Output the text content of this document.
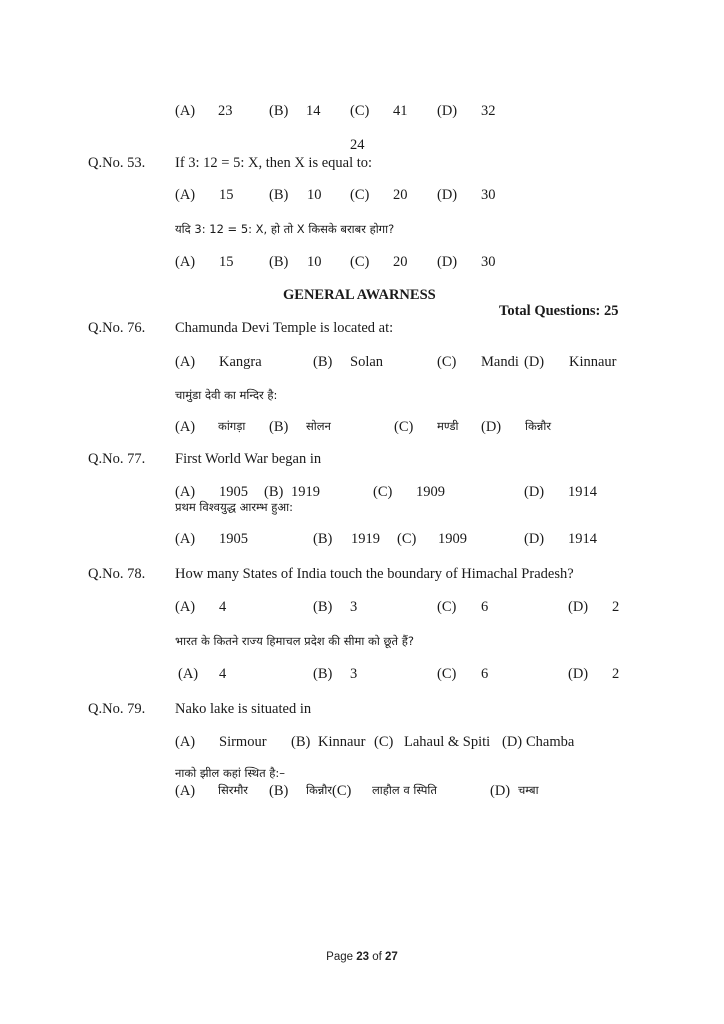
(A) 23	(B) 14 (C) 41 (D) 32
24
Q.No. 53. If 3: 12 = 5: X, then X is equal to:
(A) 15 (B) 10 (C) 20 (D) 30
यदि 3: 12 = 5: X, हो तो X किसके बराबर होगा?
(A) 15 (B) 10 (C) 20 (D) 30
GENERAL AWARNESS
Total Questions: 25
Q.No. 76. Chamunda Devi Temple is located at:
(A) Kangra	(B) Solan	(C) Mandi (D) Kinnaur
चामुंडा देवी का मन्दिर है:
(A) कांगड़ा (B) सोलन	(C) मण्डी (D) किन्नौर
Q.No. 77. First World War began in
(A) 1905 (B) 1919	(C) 1909	(D) 1914
प्रथम विश्वयुद्ध आरम्भ हुआ:
(A) 1905	(B) 1919 (C) 1909	(D) 1914
Q.No. 78. How many States of India touch the boundary of Himachal Pradesh?
(A) 4	(B) 3	(C) 6	(D) 2
भारत के कितने राज्य हिमाचल प्रदेश की सीमा को छूते हैं?
(A) 4	(B) 3	(C) 6	(D) 2
Q.No. 79. Nako lake is situated in
(A) Sirmour (B) Kinnaur (C) Lahaul & Spiti (D) Chamba
नाको झील कहां स्थित है:–
(A) सिरमौर (B) किन्नौर (C) लाहौल व स्पिति	(D) चम्बा
Page 23 of 27
